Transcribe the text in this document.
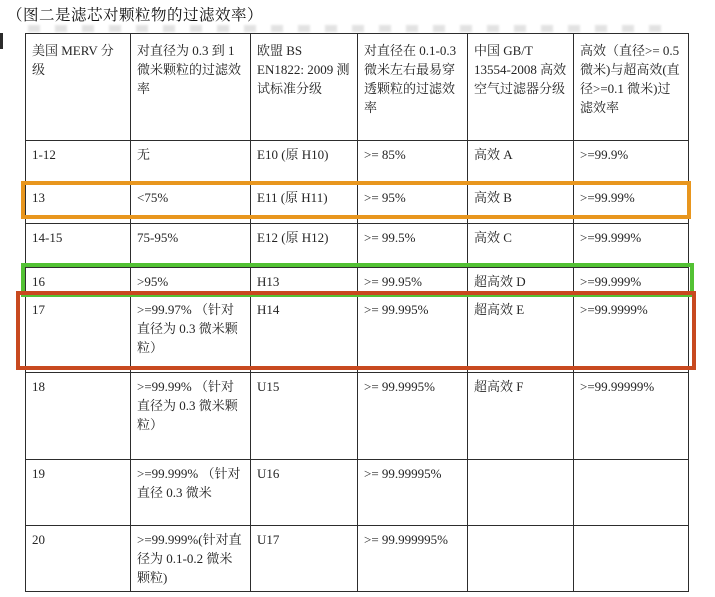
（图二是滤芯对颗粒物的过滤效率）
美国 MERV 分级	对直径为 0.3 到 1 微米颗粒的过滤效率	欧盟 BS EN1822: 2009 测试标准分级	对直径在 0.1-0.3 微米左右最易穿透颗粒的过滤效率	中国 GB/T 13554-2008 高效空气过滤器分级	高效（直径>= 0.5 微米)与超高效(直径>=0.1 微米)过滤效率
1-12	无	E10 (原 H10)	>= 85%	高效 A	>=99.9%
13	<75%	E11 (原 H11)	>= 95%	高效 B	>=99.99%
14-15	75-95%	E12 (原 H12)	>= 99.5%	高效 C	>=99.999%
16	>95%	H13	>= 99.95%	超高效 D	>=99.999%
17	>=99.97% （针对直径为 0.3 微米颗粒）	H14	>= 99.995%	超高效 E	>=99.9999%
18	>=99.99% （针对直径为 0.3 微米颗粒）	U15	>= 99.9995%	超高效 F	>=99.99999%
19	>=99.999% （针对直径 0.3 微米	U16	>= 99.99995%		
20	>=99.999%(针对直径为 0.1-0.2 微米颗粒)	U17	>= 99.999995%		
